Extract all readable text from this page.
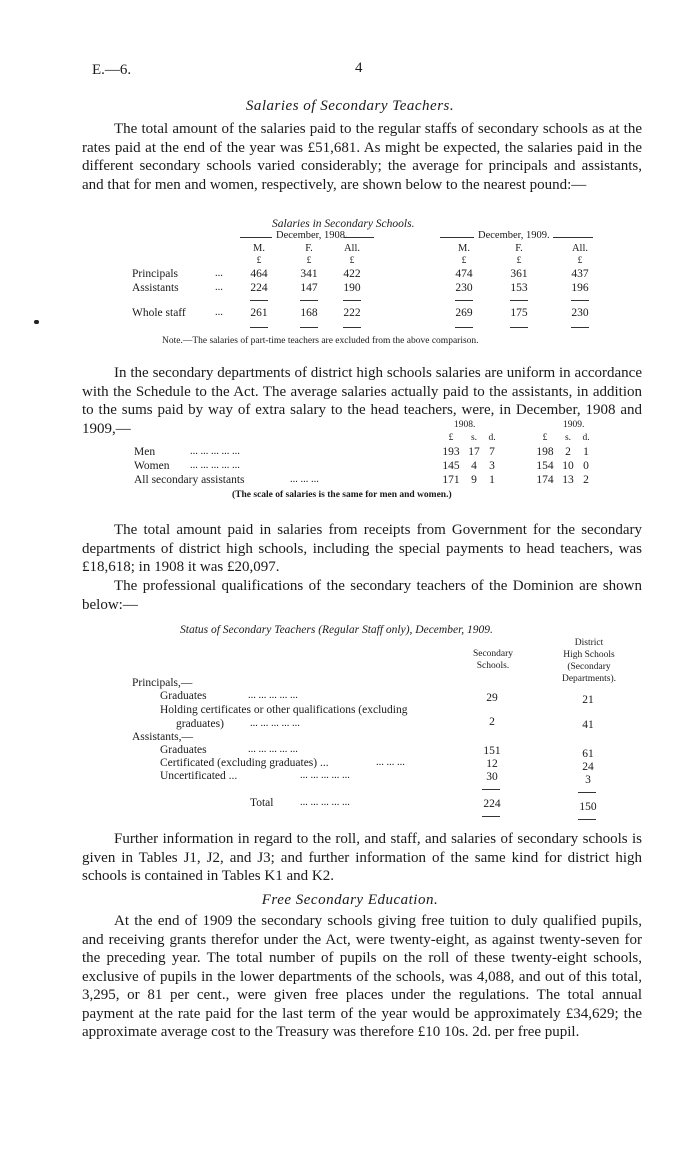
E.—6.	4
Salaries of Secondary Teachers.

The total amount of the salaries paid to the regular staffs of secondary schools as at the rates paid at the end of the year was £51,681. As might be expected, the salaries paid in the different secondary schools varied considerably; the average for principals and assistants, and that for men and women, respectively, are shown below to the nearest pound:—

Salaries in Secondary Schools.
December, 1908.	December, 1909.
M.	F.	All.	M.	F.	All.
£	£	£	£	£	£
Principals	...	464	341	422	474	361	437
Assistants	...	224	147	190	230	153	196
Whole staff	...	261	168	222	269	175	230
Note.—The salaries of part-time teachers are excluded from the above comparison.

In the secondary departments of district high schools salaries are uniform in accordance with the Schedule to the Act. The average salaries actually paid to the assistants, in addition to the sums paid by way of extra salary to the head teachers, were, in December, 1908 and 1909,—	1908.	1909.
£	s.	d.	£	s.	d.
Men	... ... ... ... ...	193 17 7	198	2	1
Women ... ... ... ... ...	145	4	3	154 10 0
All secondary assistants	... ... ...	171	9	1	174 13 2
(The scale of salaries is the same for men and women.)

The total amount paid in salaries from receipts from Government for the secondary departments of district high schools, including the special payments to head teachers, was £18,618; in 1908 it was £20,097.

The professional qualifications of the secondary teachers of the Dominion are shown below:—

Status of Secondary Teachers (Regular Staff only), December, 1909.
Secondary
Schools.
District
High Schools
(Secondary
Departments).
Principals,—
Graduates	... ... ... ... ...	29	21
Holding certificates or other qualifications (excluding
graduates) ... ... ... ... ...	2	41
Assistants,—
Graduates	... ... ... ... ...	151	61
Certificated (excluding graduates) ...	... ... ...	12	24
Uncertificated ...	... ... ... ... ...	30	3
Total	... ... ... ... ...	224	150

Further information in regard to the roll, and staff, and salaries of secondary schools is given in Tables J1, J2, and J3; and further information of the same kind for district high schools is contained in Tables K1 and K2.

Free Secondary Education.

At the end of 1909 the secondary schools giving free tuition to duly qualified pupils, and receiving grants therefor under the Act, were twenty-eight, as against twenty-seven for the preceding year. The total number of pupils on the roll of these twenty-eight schools, exclusive of pupils in the lower departments of the schools, was 4,088, and out of this total, 3,295, or 81 per cent., were given free places under the regulations. The total annual payment at the rate paid for the last term of the year would be approximately £34,629; the approximate average cost to the Treasury was therefore £10 10s. 2d. per free pupil.
